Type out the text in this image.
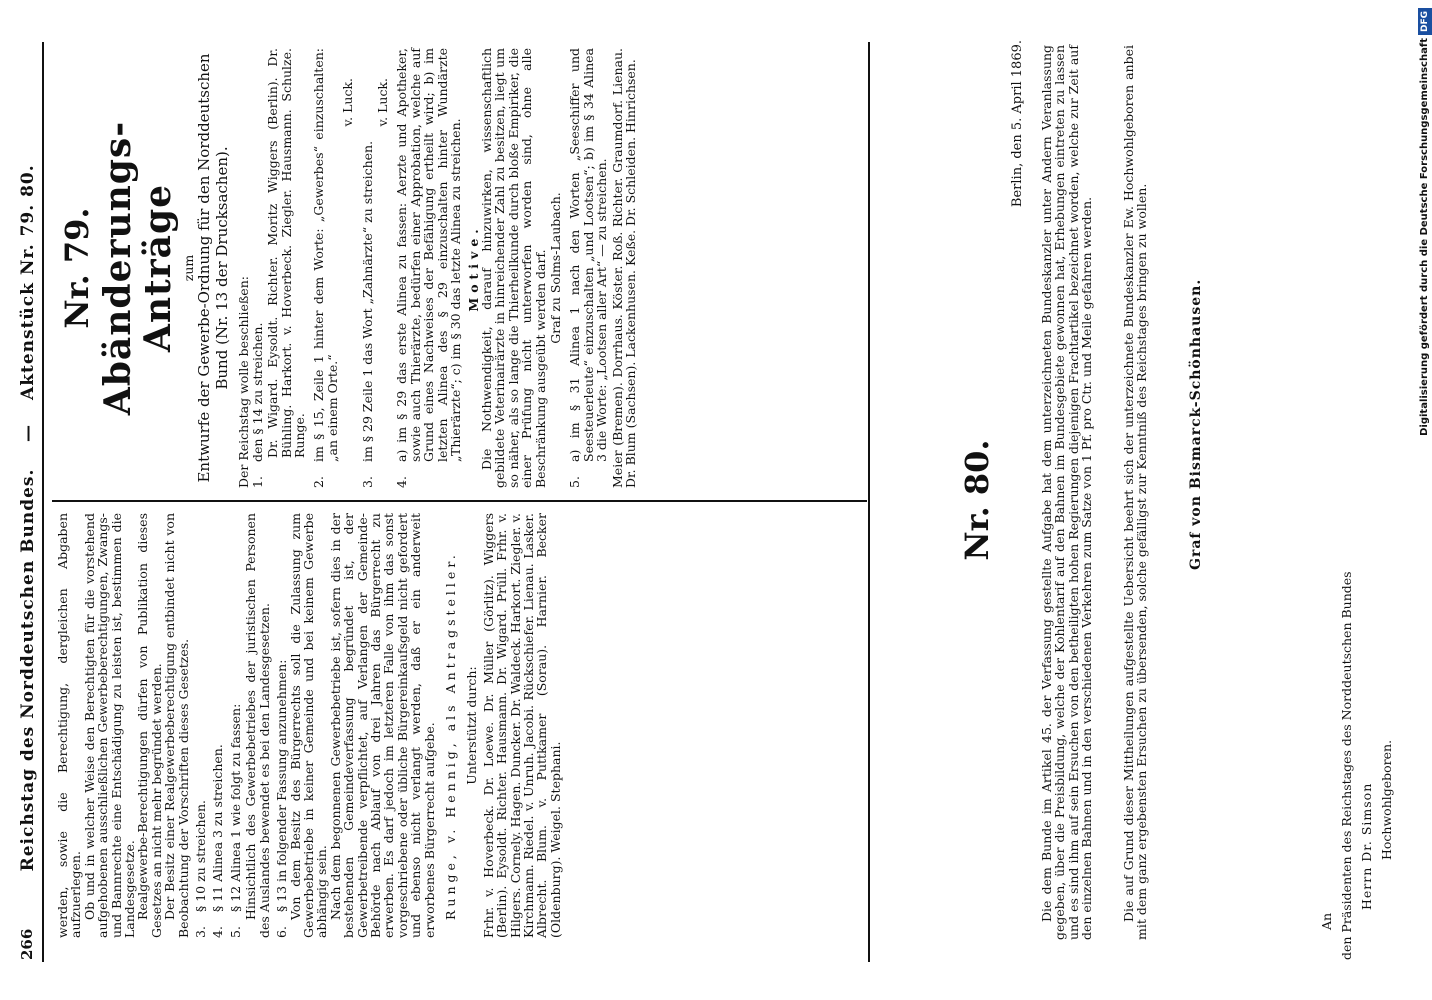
266
Reichstag des Norddeutschen Bundes.
—
Aktenstück Nr. 79. 80.

werden, sowie die Berechtigung, dergleichen Abgaben aufzuerlegen.

Ob und in welcher Weise den Berechtigten für die vorstehend aufgehobenen ausschließlichen Gewerbeberechtigungen, Zwangs- und Bannrechte eine Entschädigung zu leisten ist, bestimmen die Landesgesetze.

Realgewerbe-Berechtigungen dürfen von Publikation dieses Gesetzes an nicht mehr begründet werden.

Der Besitz einer Realgewerbeberechtigung entbindet nicht von Beobachtung der Vorschriften dieses Gesetzes. 3.
§ 10 zu streichen.
4.
§ 11 Alinea 3 zu streichen.
5.
§ 12 Alinea 1 wie folgt zu fassen: Hinsichtlich des Gewerbebetriebes der juristischen Personen des Auslandes bewendet es bei den Landesgesetzen. 6.
§ 13 in folgender Fassung anzunehmen:

Von dem Besitz des Bürgerrechts soll die Zulassung zum Gewerbebetriebe in keiner Gemeinde und bei keinem Gewerbe abhängig sein.

Nach dem begonnenen Gewerbebetriebe ist, sofern dies in der bestehenden Gemeindeverfassung begründet ist, der Gewerbetreibende verpflichtet, auf Verlangen der Gemeinde-Behörde nach Ablauf von drei Jahren das Bürgerrecht zu erwerben. Es darf jedoch im letzteren Falle von ihm das sonst vorgeschriebene oder übliche Bürgereinkaufsgeld nicht gefordert und ebenso nicht verlangt werden, daß er ein anderweit erworbenes Bürgerrecht aufgebe. Runge, v. Hennig, als Antragsteller. Unterstützt durch: Frhr. v. Hoverbeck. Dr. Loewe. Dr. Müller (Görlitz). Wiggers (Berlin). Eysoldt. Richter. Hausmann. Dr. Wigard. Prüll. Frhr. v. Hilgers. Cornely. Hagen. Duncker. Dr. Waldeck. Harkort. Ziegler. v. Kirchmann. Riedel. v. Unruh. Jacobi. Rückschiefer. Lienau. Lasker. Albrecht. Blum. v. Puttkamer (Sorau). Harnier. Becker (Oldenburg). Weigel. Stephani.

Nr. 79. Abänderungs-Anträge zum Entwurfe der Gewerbe-Ordnung für den Norddeutschen Bund (Nr. 13 der Drucksachen). Der Reichstag wolle beschließen:

1.
den § 14 zu streichen. Dr. Wigard. Eysoldt. Richter. Moritz Wiggers (Berlin). Dr. Bühling. Harkort. v. Hoverbeck. Ziegler. Hausmann. Schulze. Runge.

2.
im § 15, Zeile 1 hinter dem Worte: „Gewerbes“ einzuschalten: „an einem Orte.“

v. Luck.

3.
im § 29 Zeile 1 das Wort „Zahnärzte“ zu streichen.

v. Luck.

4.
a) im § 29 das erste Alinea zu fassen: Aerzte und Apotheker, sowie auch Thierärzte, bedürfen einer Approbation, welche auf Grund eines Nachweises der Befähigung ertheilt wird; b) im letzten Alinea des § 29 einzuschalten hinter Wundärzte „Thierärzte“; c) im § 30 das letzte Alinea zu streichen. Motive.

Die Nothwendigkeit, darauf hinzuwirken, wissenschaftlich gebildete Veterinairärzte in hinreichender Zahl zu besitzen, liegt um so näher, als so lange die Thierheilkunde durch bloße Empiriker, die einer Prüfung nicht unterworfen worden sind, ohne alle Beschränkung ausgeübt werden darf. Graf zu Solms-Laubach.

5.
a) im § 31 Alinea 1 nach den Worten „Seeschiffer und Seesteuerleute“ einzuschalten „und Lootsen“; b) im § 34 Alinea 3 die Worte: „Lootsen aller Art“ — zu streichen. Meier (Bremen). Dorrhaus. Köster. Roß. Richter. Graumdorf. Lienau. Dr. Blum (Sachsen). Lackenhusen. Keße. Dr. Schleiden. Hinrichsen.

Nr. 80.
Berlin, den 5. April 1869. Die dem Bunde im Artikel 45. der Verfassung gestellte Aufgabe hat dem unterzeichneten Bundeskanzler unter Andern Veranlassung gegeben, über die Preisbildung, welche der Kohlentarif auf den Bahnen im Bundesgebiete gewonnen hat, Erhebungen eintreten zu lassen und es sind ihm auf sein Ersuchen von den betheiligten hohen Regierungen diejenigen Frachtartikel bezeichnet worden, welche zur Zeit auf den einzelnen Bahnen und in den verschiedenen Verkehren zum Satze von 1 Pf. pro Ctr. und Meile gefahren werden. Die auf Grund dieser Mittheilungen aufgestellte Uebersicht beehrt sich der unterzeichnete Bundeskanzler Ew. Hochwohlgeboren anbei mit dem ganz ergebensten Ersuchen zu übersenden, solche gefälligst zur Kenntniß des Reichstages bringen zu wollen.	Graf von Bismarck-Schönhausen.
An den Präsidenten des Reichstages des Norddeutschen Bundes Herrn Dr. Simson Hochwohlgeboren.
Digitalisierung gefördert durch die Deutsche ForschungsgemeinschaftDFG
